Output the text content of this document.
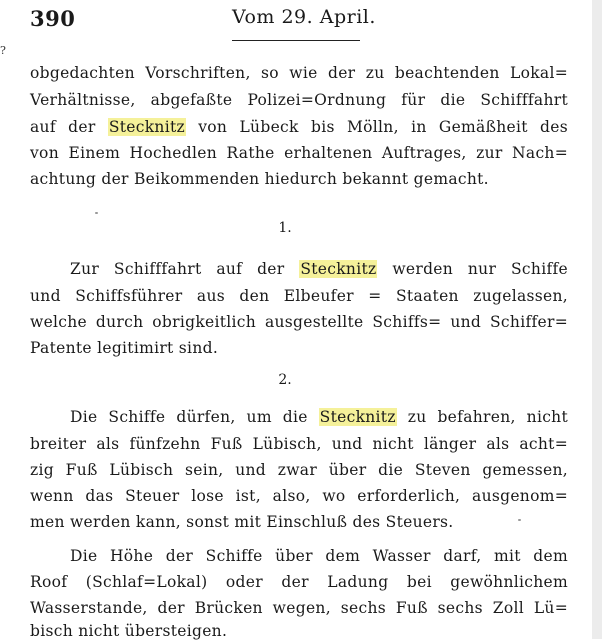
390	Vom 29. April.
?
obgedachten Vorschriften, so wie der zu beachtenden Lokal=
Verhältnisse, abgefaßte Polizei=Ordnung für die Schifffahrt
auf der Stecknitz von Lübeck bis Mölln, in Gemäßheit des
von Einem Hochedlen Rathe erhaltenen Auftrages, zur Nach=
achtung der Beikommenden hiedurch bekannt gemacht.
1.
Zur Schifffahrt auf der Stecknitz werden nur Schiffe
und Schiffsführer aus den Elbeufer = Staaten zugelassen,
welche durch obrigkeitlich ausgestellte Schiffs= und Schiffer=
Patente legitimirt sind.
2.
Die Schiffe dürfen, um die Stecknitz zu befahren, nicht
breiter als fünfzehn Fuß Lübisch, und nicht länger als acht=
zig Fuß Lübisch sein, und zwar über die Steven gemessen,
wenn das Steuer lose ist, also, wo erforderlich, ausgenom=
men werden kann, sonst mit Einschluß des Steuers.
Die Höhe der Schiffe über dem Wasser darf, mit dem
Roof (Schlaf=Lokal) oder der Ladung bei gewöhnlichem
Wasserstande, der Brücken wegen, sechs Fuß sechs Zoll Lü=
bisch nicht übersteigen.
